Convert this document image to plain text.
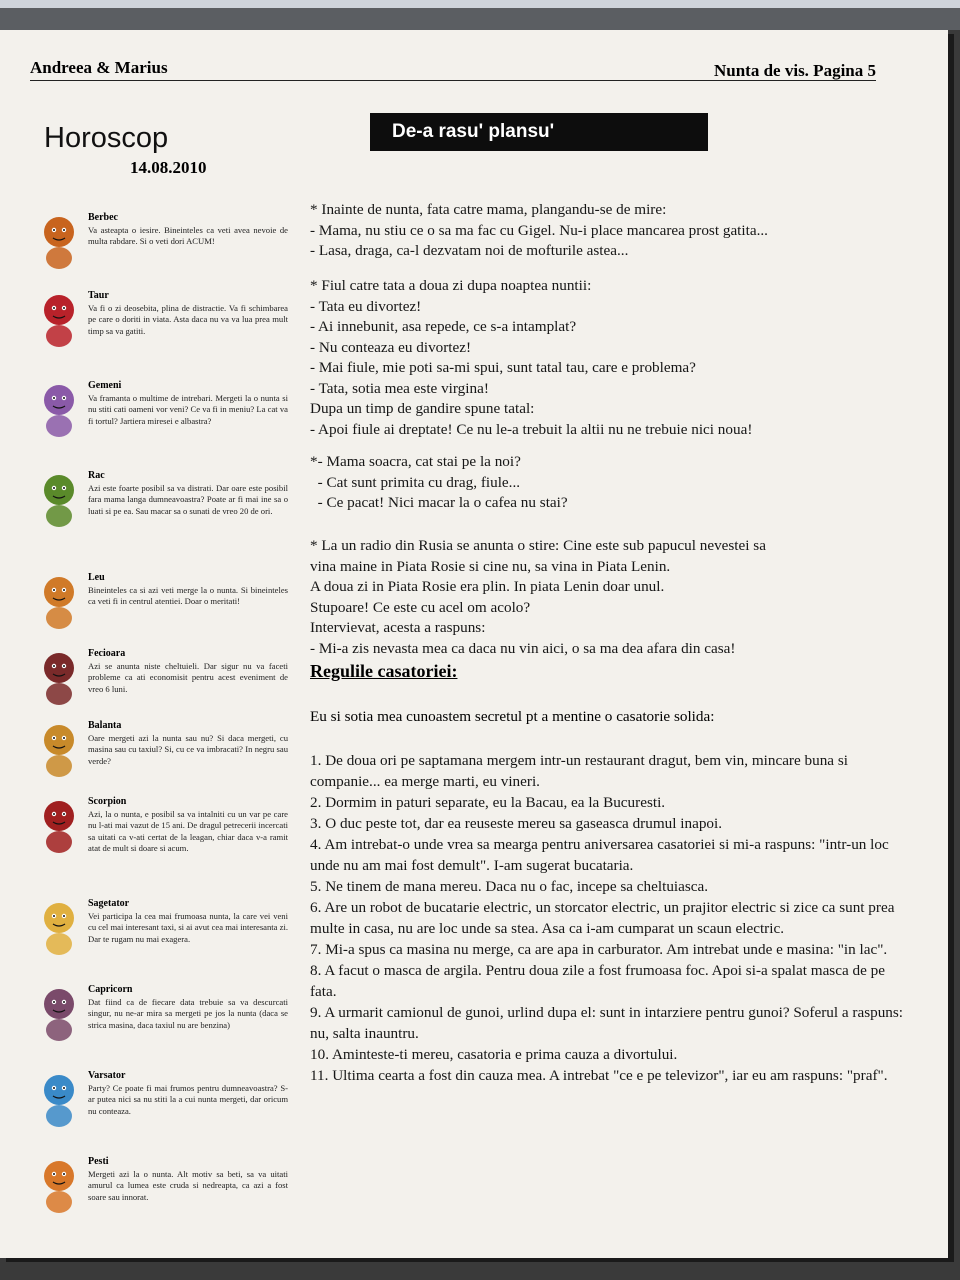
Andreea & Marius	Nunta de vis. Pagina 5
Horoscop
14.08.2010
Berbec
Va asteapta o iesire. Bineinteles ca veti avea nevoie de multa rabdare. Si o veti dori ACUM!
Taur
Va fi o zi deosebita, plina de distractie. Va fi schimbarea pe care o doriti in viata. Asta daca nu va va lua prea mult timp sa va gatiti.
Gemeni
Va framanta o multime de intrebari. Mergeti la o nunta si nu stiti cati oameni vor veni? Ce va fi in meniu? La cat va fi tortul? Jartiera miresei e albastra?
Rac
Azi este foarte posibil sa va distrati. Dar oare este posibil fara mama langa dumneavoastra? Poate ar fi mai ine sa o luati si pe ea. Sau macar sa o sunati de vreo 20 de ori.
Leu
Bineinteles ca si azi veti merge la o nunta. Si bineinteles ca veti fi in centrul atentiei. Doar o meritati!
Fecioara
Azi se anunta niste cheltuieli. Dar sigur nu va faceti probleme ca ati economisit pentru acest eveniment de vreo 6 luni.
Balanta
Oare mergeti azi la nunta sau nu? Si daca mergeti, cu masina sau cu taxiul? Si, cu ce va imbracati? In negru sau verde?
Scorpion
Azi, la o nunta, e posibil sa va intalniti cu un var pe care nu l-ati mai vazut de 15 ani. De dragul petrecerii incercati sa uitati ca v-ati certat de la leagan, chiar daca v-a ramit atat de mult si doare si acum.
Sagetator
Vei participa la cea mai frumoasa nunta, la care vei veni cu cel mai interesant taxi, si ai avut cea mai interesanta zi. Dar te rugam nu mai exagera.
Capricorn
Dat fiind ca de fiecare data trebuie sa va descurcati singur, nu ne-ar mira sa mergeti pe jos la nunta (daca se strica masina, daca taxiul nu are benzina)
Varsator
Party? Ce poate fi mai frumos pentru dumneavoastra? S-ar putea nici sa nu stiti la a cui nunta mergeti, dar oricum nu conteaza.
Pesti
Mergeti azi la o nunta. Alt motiv sa beti, sa va uitati amurul ca lumea este cruda si nedreapta, ca azi a fost soare sau innorat.
De-a rasu' plansu'
* Inainte de nunta, fata catre mama, plangandu-se de mire:
- Mama, nu stiu ce o sa ma fac cu Gigel. Nu-i place mancarea prost gatita...
- Lasa, draga, ca-l dezvatam noi de mofturile astea...
* Fiul catre tata a doua zi dupa noaptea nuntii:
- Tata eu divortez!
- Ai innebunit, asa repede, ce s-a intamplat?
- Nu conteaza eu divortez!
- Mai fiule, mie poti sa-mi spui, sunt tatal tau, care e problema?
- Tata, sotia mea este virgina!
Dupa un timp de gandire spune tatal:
- Apoi fiule ai dreptate! Ce nu le-a trebuit la altii nu ne trebuie nici noua!
*- Mama soacra, cat stai pe la noi?
- Cat sunt primita cu drag, fiule...
- Ce pacat! Nici macar la o cafea nu stai?
* La un radio din Rusia se anunta o stire: Cine este sub papucul nevestei sa
vina maine in Piata Rosie si cine nu, sa vina in Piata Lenin.
A doua zi in Piata Rosie era plin. In piata Lenin doar unul.
Stupoare! Ce este cu acel om acolo?
Intervievat, acesta a raspuns:
- Mi-a zis nevasta mea ca daca nu vin aici, o sa ma dea afara din casa!
Regulile casatoriei:
Eu si sotia mea cunoastem secretul pt a mentine o casatorie solida:
1. De doua ori pe saptamana mergem intr-un restaurant dragut, bem vin, mincare buna si companie... ea merge marti, eu vineri.
2. Dormim in paturi separate, eu la Bacau, ea la Bucuresti.
3. O duc peste tot, dar ea reuseste mereu sa gaseasca drumul inapoi.
4. Am intrebat-o unde vrea sa mearga pentru aniversarea casatoriei si mi-a raspuns: "intr-un loc unde nu am mai fost demult". I-am sugerat bucataria.
5. Ne tinem de mana mereu. Daca nu o fac, incepe sa cheltuiasca.
6. Are un robot de bucatarie electric, un storcator electric, un prajitor electric si zice ca sunt prea multe in casa, nu are loc unde sa stea. Asa ca i-am cumparat un scaun electric.
7. Mi-a spus ca masina nu merge, ca are apa in carburator. Am intrebat unde e masina: "in lac".
8. A facut o masca de argila. Pentru doua zile a fost frumoasa foc. Apoi si-a spalat masca de pe fata.
9. A urmarit camionul de gunoi, urlind dupa el: sunt in intarziere pentru gunoi? Soferul a raspuns: nu, salta inauntru.
10. Aminteste-ti mereu, casatoria e prima cauza a divortului.
11. Ultima cearta a fost din cauza mea. A intrebat "ce e pe televizor", iar eu am raspuns: "praf".
